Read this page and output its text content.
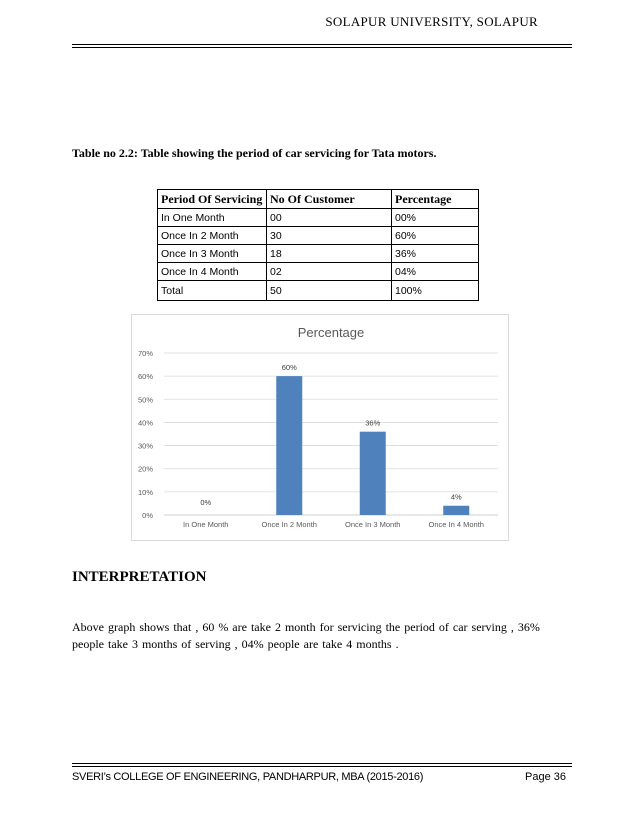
SOLAPUR UNIVERSITY, SOLAPUR
Table no 2.2: Table showing the period of car servicing for Tata motors.
Period Of Servicing	No Of Customer	Percentage
In One Month	00	00%
Once In 2 Month	30	60%
Once In 3 Month	18	36%
Once In 4 Month	02	04%
Total	50	100%
Percentage
0%
10%
20%
30%
40%
50%
60%
70%
0%
In One Month
60%
Once In 2 Month
36%
Once In 3 Month
4%
Once In 4 Month
INTERPRETATION
Above graph shows that , 60 % are take 2 month for servicing the period of car serving , 36% people take 3 months of serving , 04% people are take 4 months .
SVERI’s COLLEGE OF ENGINEERING, PANDHARPUR, MBA (2015-2016)	Page 36
